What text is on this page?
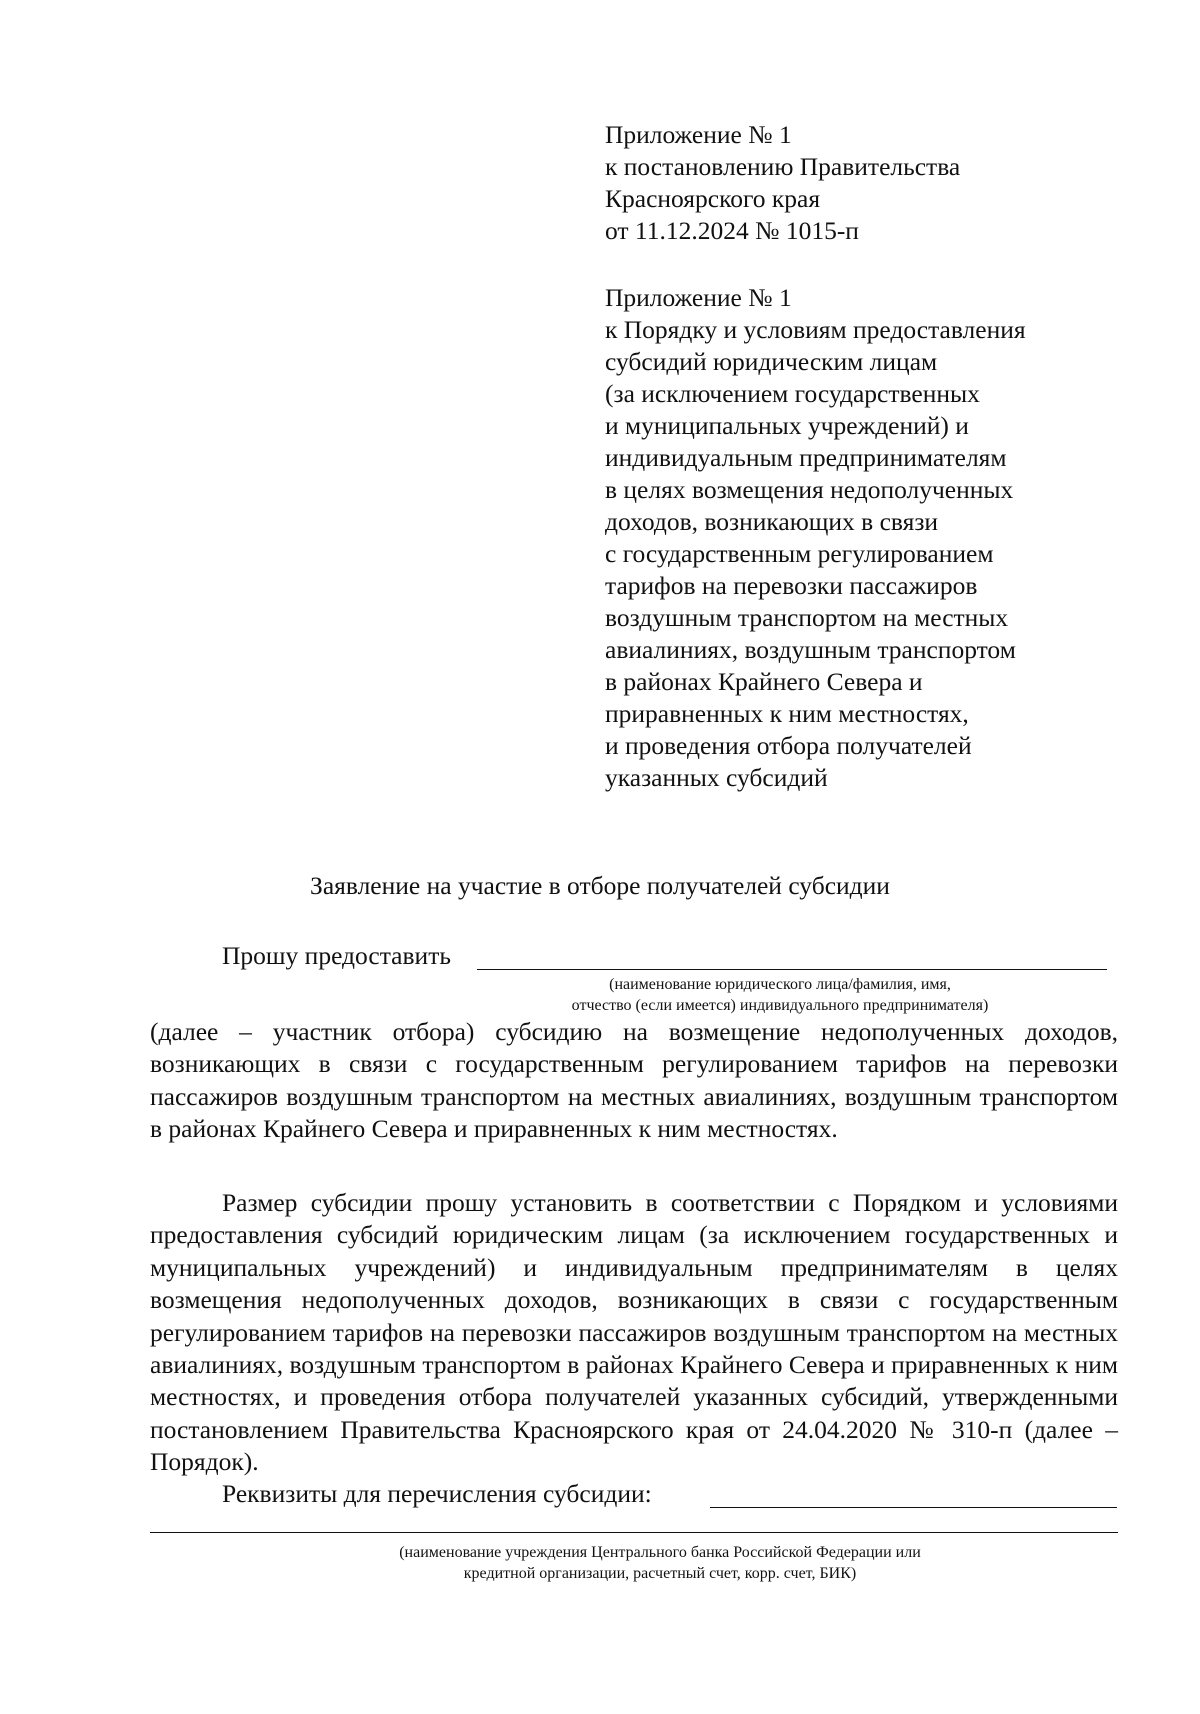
Приложение № 1
к постановлению Правительства
Красноярского края
от 11.12.2024 № 1015-п
Приложение № 1
к Порядку и условиям предоставления
субсидий юридическим лицам
(за исключением государственных
и муниципальных учреждений) и
индивидуальным предпринимателям
в целях возмещения недополученных
доходов, возникающих в связи
с государственным регулированием
тарифов на перевозки пассажиров
воздушным транспортом на местных
авиалиниях, воздушным транспортом
в районах Крайнего Севера и
приравненных к ним местностях,
и проведения отбора получателей
указанных субсидий
Заявление на участие в отборе получателей субсидии
Прошу предоставить
(наименование юридического лица/фамилия, имя,
отчество (если имеется) индивидуального предпринимателя)
(далее – участник отбора) субсидию на возмещение недополученных доходов, возникающих в связи с государственным регулированием тарифов на перевозки пассажиров воздушным транспортом на местных авиалиниях, воздушным транспортом в районах Крайнего Севера и приравненных к ним местностях.
Размер субсидии прошу установить в соответствии с Порядком и условиями предоставления субсидий юридическим лицам (за исключением государственных и муниципальных учреждений) и индивидуальным предпринимателям в целях возмещения недополученных доходов, возникающих в связи с государственным регулированием тарифов на перевозки пассажиров воздушным транспортом на местных авиалиниях, воздушным транспортом в районах Крайнего Севера и приравненных к ним местностях, и проведения отбора получателей указанных субсидий, утвержденными постановлением Правительства Красноярского края от 24.04.2020 № 310-п (далее – Порядок).
Реквизиты для перечисления субсидии:
(наименование учреждения Центрального банка Российской Федерации или
кредитной организации, расчетный счет, корр. счет, БИК)
